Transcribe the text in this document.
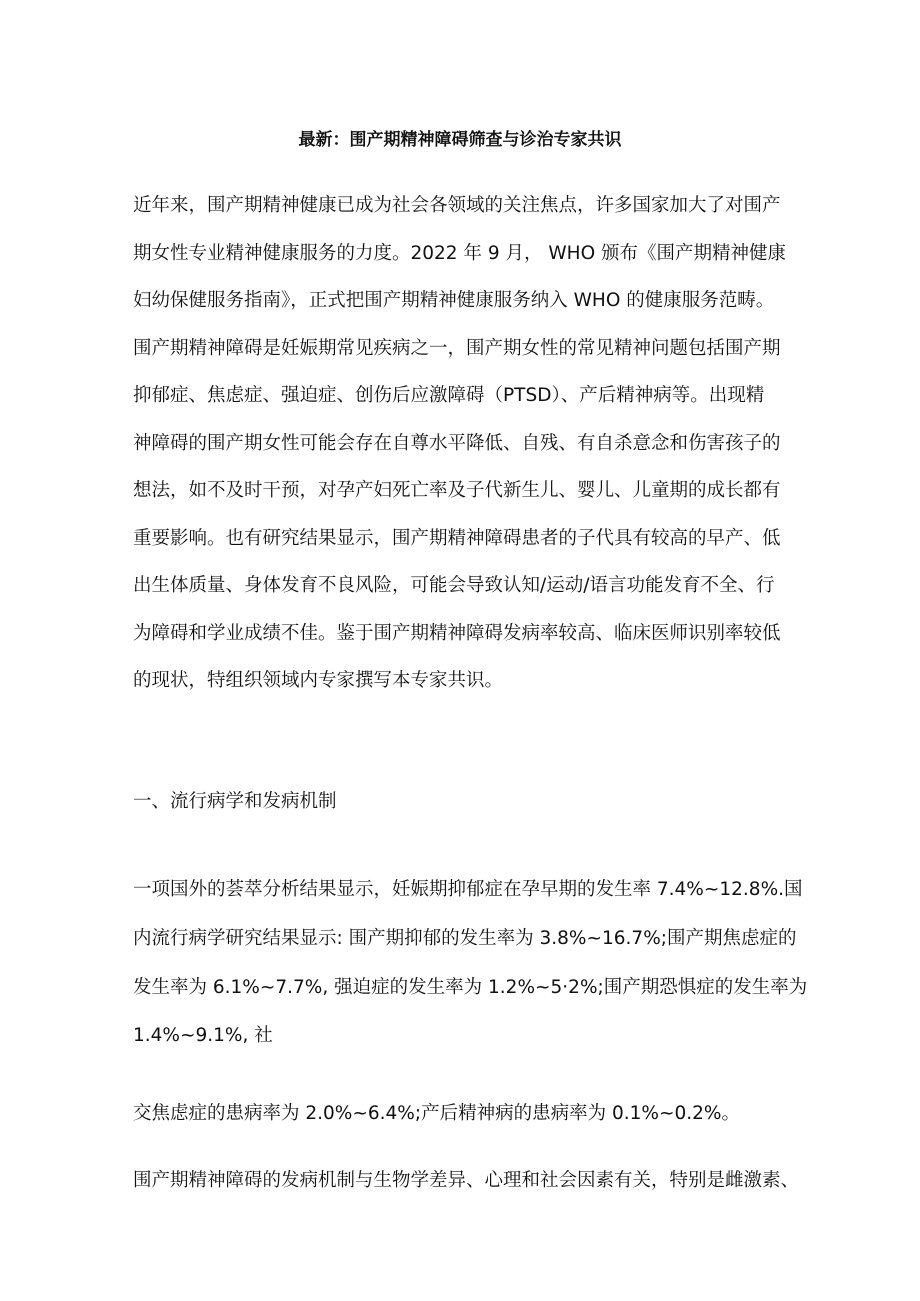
最新：围产期精神障碍筛查与诊治专家共识

近年来，围产期精神健康已成为社会各领域的关注焦点，许多国家加大了对围产
期女性专业精神健康服务的力度。2022 年 9 月， WHO 颁布《围产期精神健康
妇幼保健服务指南》，正式把围产期精神健康服务纳入 WHO 的健康服务范畴。
围产期精神障碍是妊娠期常见疾病之一，围产期女性的常见精神问题包括围产期
抑郁症、焦虑症、强迫症、创伤后应激障碍（PTSD）、产后精神病等。出现精
神障碍的围产期女性可能会存在自尊水平降低、自残、有自杀意念和伤害孩子的
想法，如不及时干预，对孕产妇死亡率及子代新生儿、婴儿、儿童期的成长都有
重要影响。也有研究结果显示，围产期精神障碍患者的子代具有较高的早产、低
出生体质量、身体发育不良风险，可能会导致认知/运动/语言功能发育不全、行
为障碍和学业成绩不佳。鉴于围产期精神障碍发病率较高、临床医师识别率较低
的现状，特组织领域内专家撰写本专家共识。

一、流行病学和发病机制

一项国外的荟萃分析结果显示，妊娠期抑郁症在孕早期的发生率 7.4%~12.8%.国
内流行病学研究结果显示: 围产期抑郁的发生率为 3.8%~16.7%;围产期焦虑症的
发生率为 6.1%~7.7%, 强迫症的发生率为 1.2%~5·2%;围产期恐惧症的发生率为
1.4%~9.1%, 社

交焦虑症的患病率为 2.0%~6.4%;产后精神病的患病率为 0.1%~0.2%。

围产期精神障碍的发病机制与生物学差异、心理和社会因素有关，特别是雌激素、
